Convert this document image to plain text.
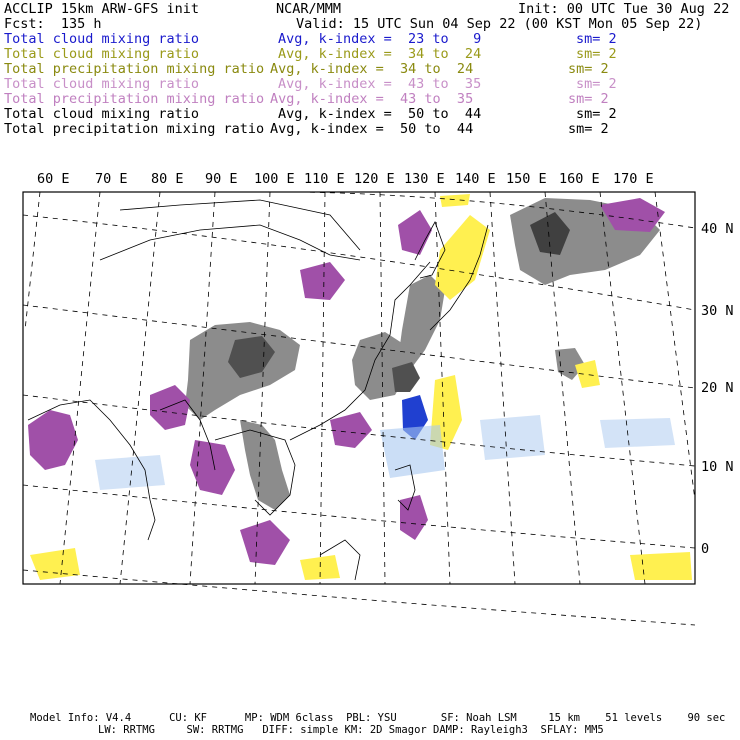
ACCLIP 15km ARW-GFS init	NCAR/MMM	Init: 00 UTC Tue 30 Aug 22
Fcst:  135 h	Valid: 15 UTC Sun 04 Sep 22 (00 KST Mon 05 Sep 22)
Total cloud mixing ratio	Avg, k-index =  23 to   9	sm= 2
Total cloud mixing ratio	Avg, k-index =  34 to  24	sm= 2
Total precipitation mixing ratio Avg, k-index =  34 to  24	sm= 2
Total cloud mixing ratio	Avg, k-index =  43 to  35	sm= 2
Total precipitation mixing ratio Avg, k-index =  43 to  35	sm= 2
Total cloud mixing ratio	Avg, k-index =  50 to  44	sm= 2
Total precipitation mixing ratio Avg, k-index =  50 to  44	sm= 2
60 E 70 E 80 E 90 E 100 E 110 E 120 E 130 E 140 E 150 E 160 E 170 E
40 N
30 N
20 N
10 N
0
Model Info: V4.4      CU: KF      MP: WDM 6class  PBL: YSU       SF: Noah LSM     15 km    51 levels    90 sec
LW: RRTMG     SW: RRTMG   DIFF: simple KM: 2D Smagor DAMP: Rayleigh3  SFLAY: MM5
